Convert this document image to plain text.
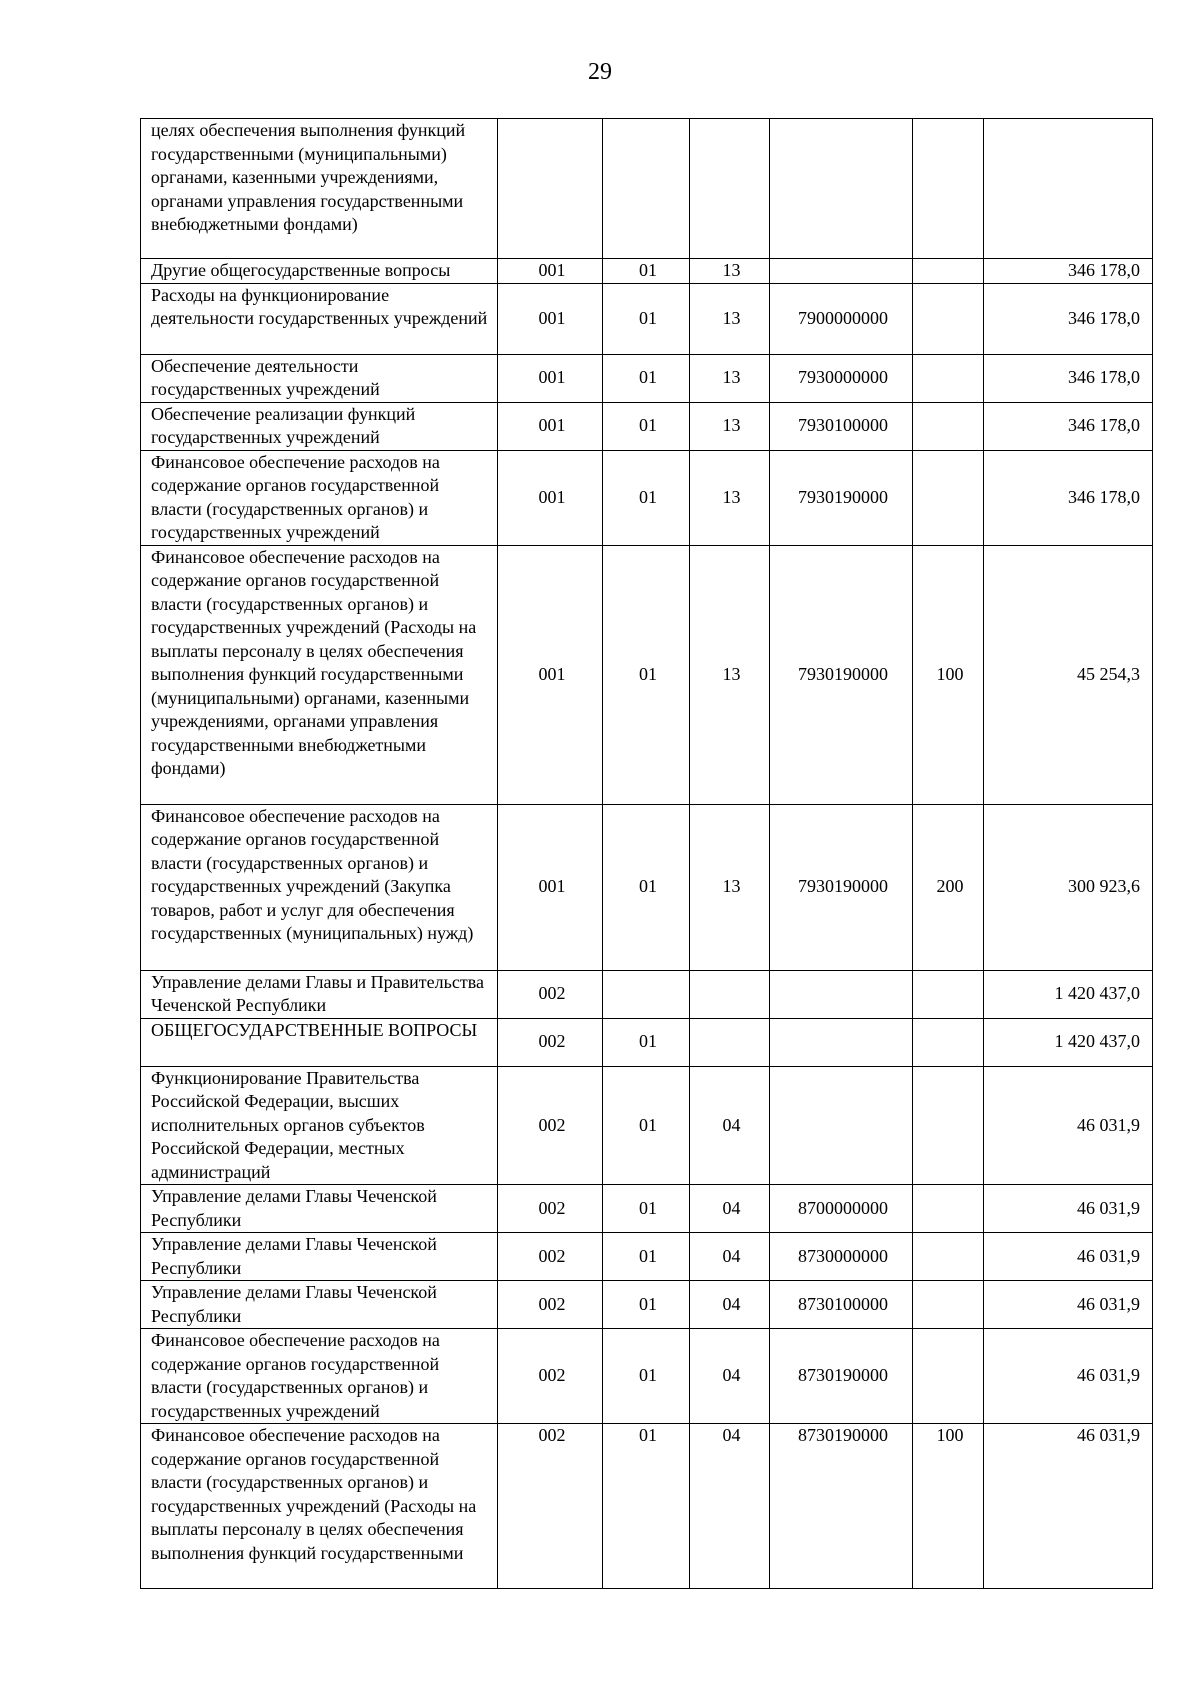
29
целях обеспечения выполнения функций государственными (муниципальными) органами, казенными учреждениями, органами управления государственными внебюджетными фондами)						
Другие общегосударственные вопросы	001	01	13			346 178,0
Расходы на функционирование деятельности государственных учреждений	001	01	13	7900000000		346 178,0
Обеспечение деятельности государственных учреждений	001	01	13	7930000000		346 178,0
Обеспечение реализации функций государственных учреждений	001	01	13	7930100000		346 178,0
Финансовое обеспечение расходов на содержание органов государственной власти (государственных органов) и государственных учреждений	001	01	13	7930190000		346 178,0
Финансовое обеспечение расходов на содержание органов государственной власти (государственных органов) и государственных учреждений (Расходы на выплаты персоналу в целях обеспечения выполнения функций государственными (муниципальными) органами, казенными учреждениями, органами управления государственными внебюджетными фондами)	001	01	13	7930190000	100	45 254,3
Финансовое обеспечение расходов на содержание органов государственной власти (государственных органов) и государственных учреждений (Закупка товаров, работ и услуг для обеспечения государственных (муниципальных) нужд)	001	01	13	7930190000	200	300 923,6
Управление делами Главы и Правительства Чеченской Республики	002					1 420 437,0
ОБЩЕГОСУДАРСТВЕННЫЕ ВОПРОСЫ	002	01				1 420 437,0
Функционирование Правительства Российской Федерации, высших исполнительных органов субъектов Российской Федерации, местных администраций	002	01	04			46 031,9
Управление делами Главы Чеченской Республики	002	01	04	8700000000		46 031,9
Управление делами Главы Чеченской Республики	002	01	04	8730000000		46 031,9
Управление делами Главы Чеченской Республики	002	01	04	8730100000		46 031,9
Финансовое обеспечение расходов на содержание органов государственной власти (государственных органов) и государственных учреждений	002	01	04	8730190000		46 031,9
Финансовое обеспечение расходов на содержание органов государственной власти (государственных органов) и государственных учреждений (Расходы на выплаты персоналу в целях обеспечения выполнения функций государственными	002	01	04	8730190000	100	46 031,9
